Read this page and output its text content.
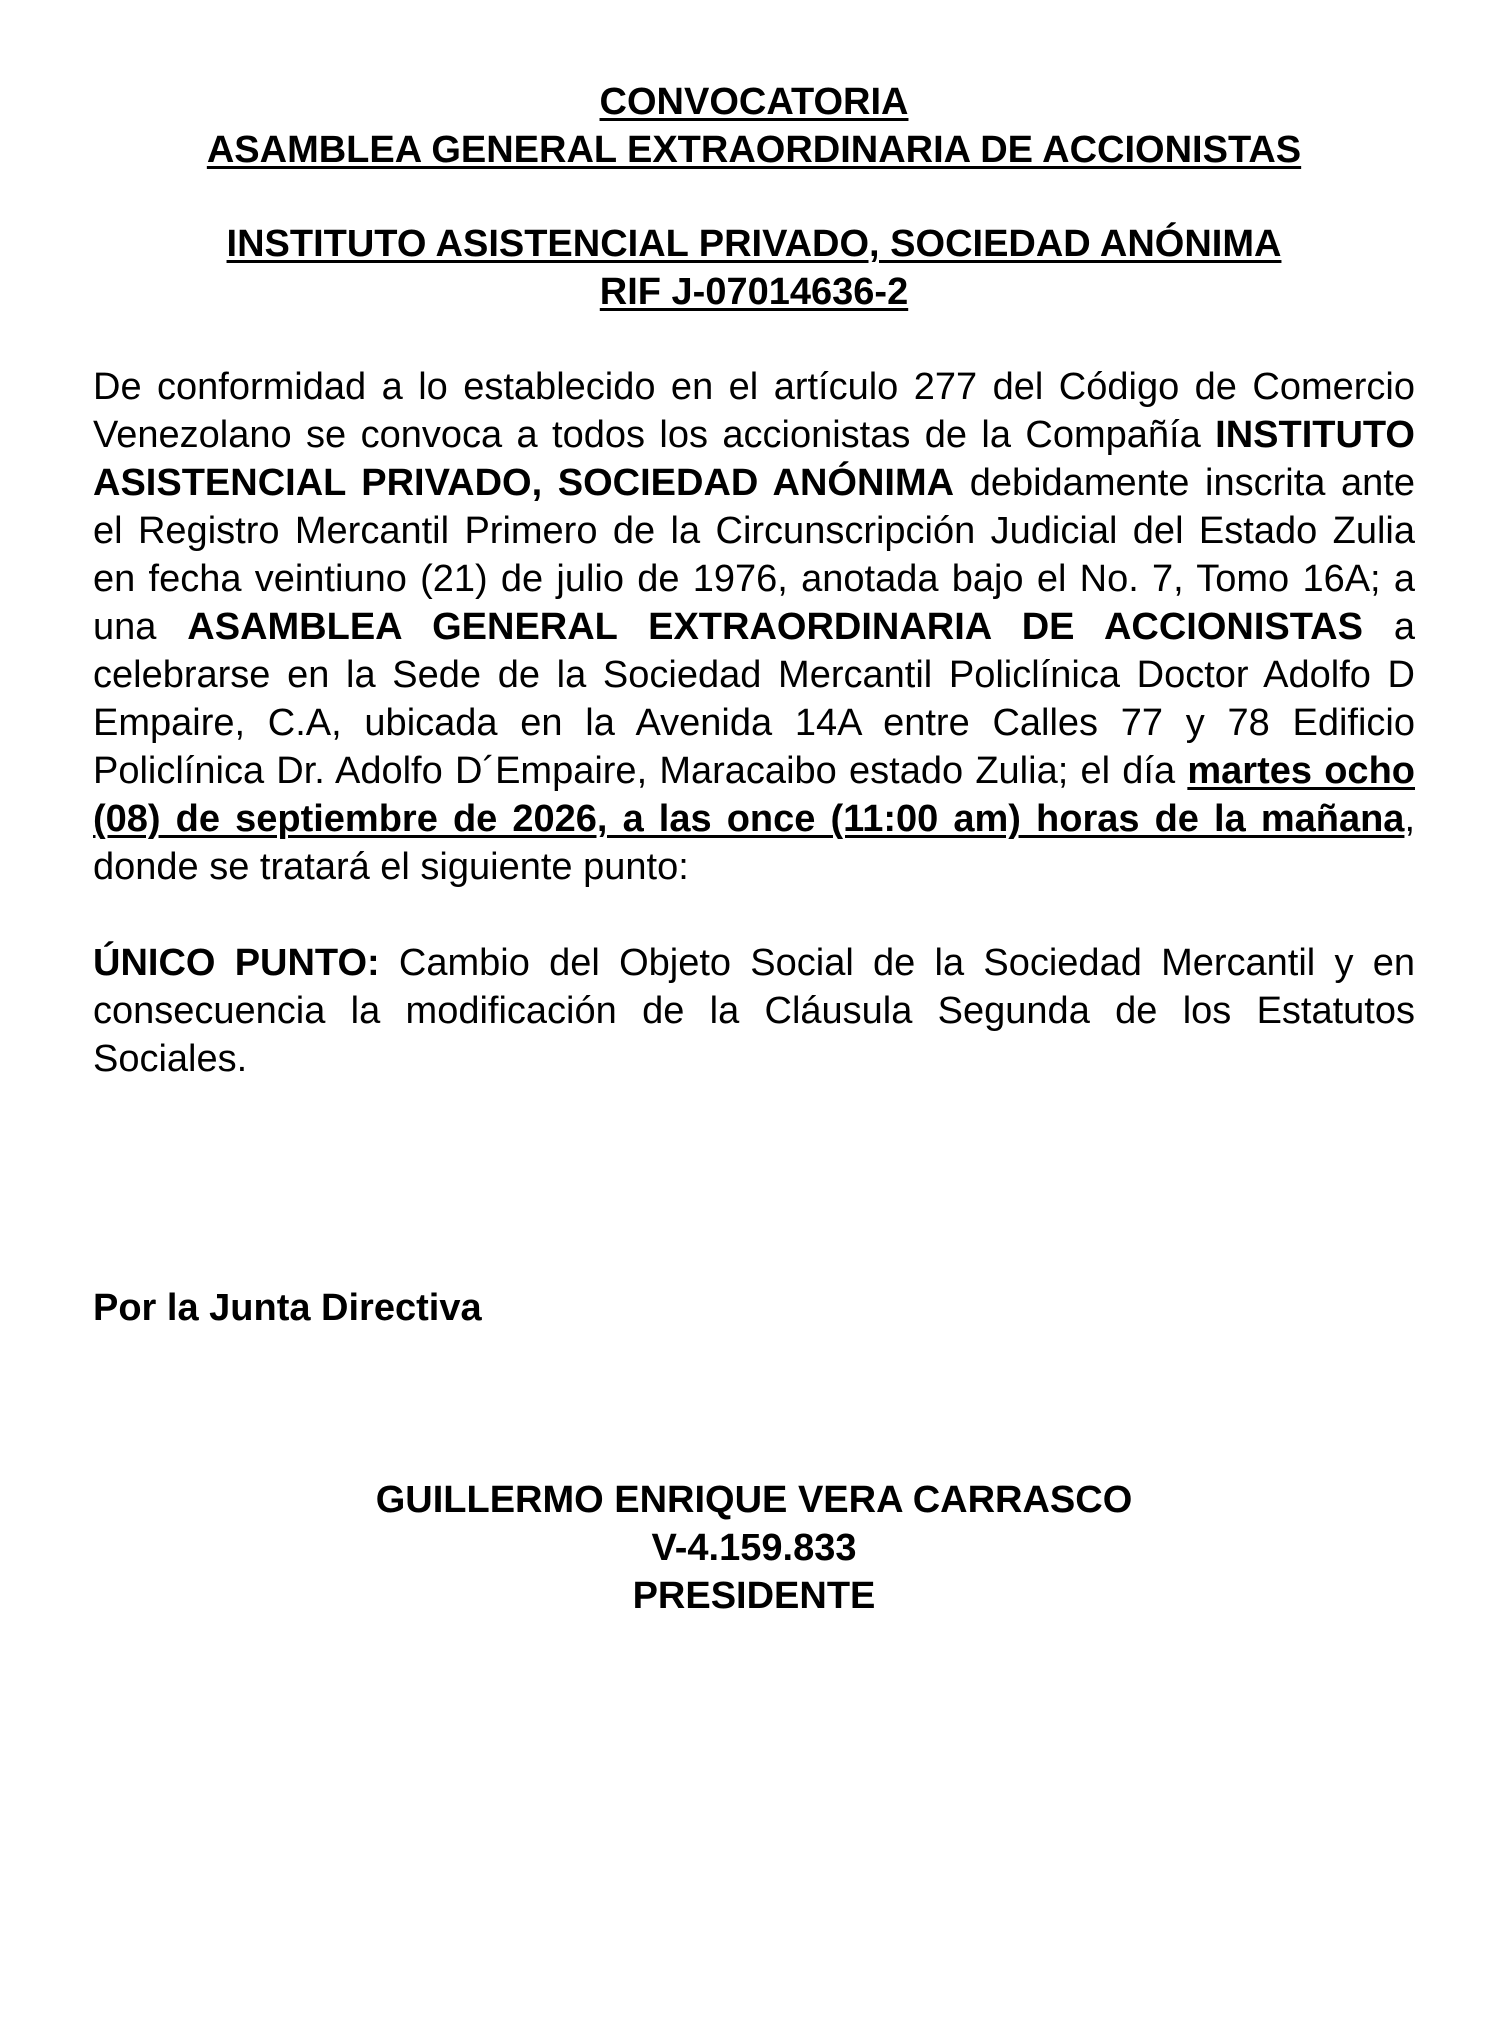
CONVOCATORIA
ASAMBLEA GENERAL EXTRAORDINARIA DE ACCIONISTAS
INSTITUTO ASISTENCIAL PRIVADO, SOCIEDAD ANÓNIMA
RIF J-07014636-2
De conformidad a lo establecido en el artículo 277 del Código de Comercio Venezolano se convoca a todos los accionistas de la Compañía INSTITUTO ASISTENCIAL PRIVADO, SOCIEDAD ANÓNIMA debidamente inscrita ante el Registro Mercantil Primero de la Circunscripción Judicial del Estado Zulia en fecha veintiuno (21) de julio de 1976, anotada bajo el No. 7, Tomo 16A; a una ASAMBLEA GENERAL EXTRAORDINARIA DE ACCIONISTAS a celebrarse en la Sede de la Sociedad Mercantil Policlínica Doctor Adolfo D Empaire, C.A, ubicada en la Avenida 14A entre Calles 77 y 78 Edificio Policlínica Dr. Adolfo D´Empaire, Maracaibo estado Zulia; el día martes ocho (08) de septiembre de 2026, a las once (11:00 am) horas de la mañana, donde se tratará el siguiente punto:
ÚNICO PUNTO: Cambio del Objeto Social de la Sociedad Mercantil y en consecuencia la modificación de la Cláusula Segunda de los Estatutos Sociales.
Por la Junta Directiva
GUILLERMO ENRIQUE VERA CARRASCO
V-4.159.833
PRESIDENTE
